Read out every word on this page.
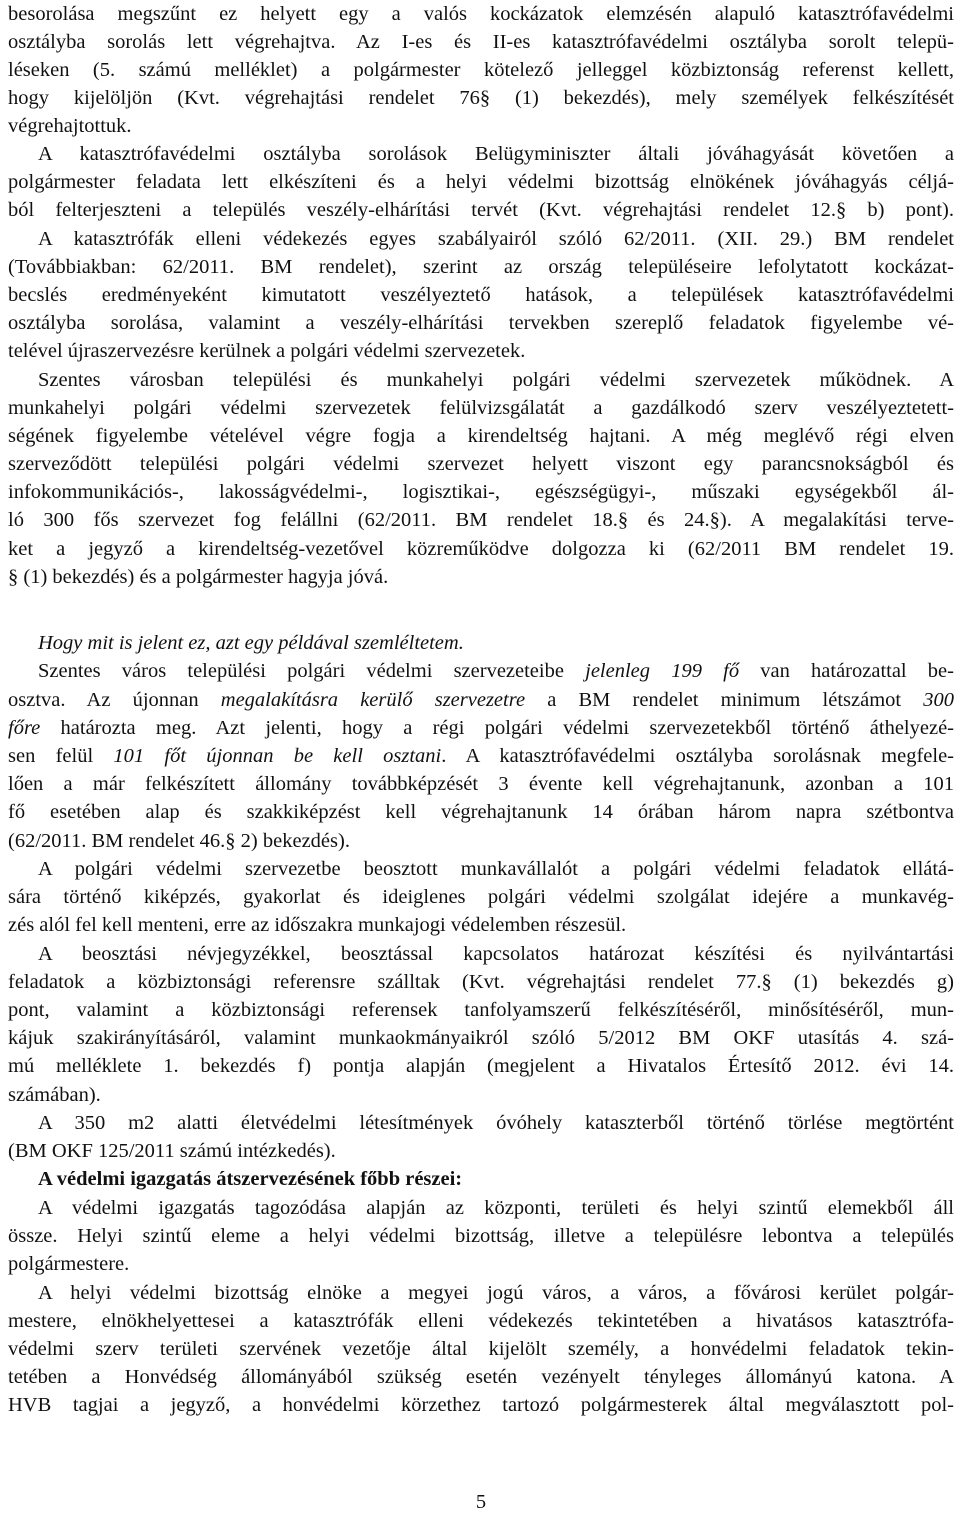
besorolása megszűnt ez helyett egy a valós kockázatok elemzésén alapuló katasztrófavédelmi
osztályba sorolás lett végrehajtva. Az I-es és II-es katasztrófavédelmi osztályba sorolt telepü-
léseken (5. számú melléklet) a polgármester kötelező jelleggel közbiztonság referenst kellett,
hogy kijelöljön (Kvt. végrehajtási rendelet 76§ (1) bekezdés), mely személyek felkészítését
végrehajtottuk.
A katasztrófavédelmi osztályba sorolások Belügyminiszter általi jóváhagyását követően a
polgármester feladata lett elkészíteni és a helyi védelmi bizottság elnökének jóváhagyás céljá-
ból felterjeszteni a település veszély-elhárítási tervét (Kvt. végrehajtási rendelet 12.§ b) pont).
A katasztrófák elleni védekezés egyes szabályairól szóló 62/2011. (XII. 29.) BM rendelet
(Továbbiakban: 62/2011. BM rendelet), szerint az ország településeire lefolytatott kockázat-
becslés eredményeként kimutatott veszélyeztető hatások, a települések katasztrófavédelmi
osztályba sorolása, valamint a veszély-elhárítási tervekben szereplő feladatok figyelembe vé-
telével újraszervezésre kerülnek a polgári védelmi szervezetek.
Szentes városban települési és munkahelyi polgári védelmi szervezetek működnek. A
munkahelyi polgári védelmi szervezetek felülvizsgálatát a gazdálkodó szerv veszélyeztetett-
ségének figyelembe vételével végre fogja a kirendeltség hajtani. A még meglévő régi elven
szerveződött települési polgári védelmi szervezet helyett viszont egy parancsnokságból és
infokommunikációs-, lakosságvédelmi-, logisztikai-, egészségügyi-, műszaki egységekből ál-
ló 300 fős szervezet fog felállni (62/2011. BM rendelet 18.§ és 24.§). A megalakítási terve-
ket a jegyző a kirendeltség-vezetővel közreműködve dolgozza ki (62/2011 BM rendelet 19.
§ (1) bekezdés) és a polgármester hagyja jóvá.
Hogy mit is jelent ez, azt egy példával szemléltetem.
Szentes város települési polgári védelmi szervezeteibe jelenleg 199 fő van határozattal be-
osztva. Az újonnan megalakításra kerülő szervezetre a BM rendelet minimum létszámot 300
főre határozta meg. Azt jelenti, hogy a régi polgári védelmi szervezetekből történő áthelyezé-
sen felül 101 főt újonnan be kell osztani. A katasztrófavédelmi osztályba sorolásnak megfele-
lően a már felkészített állomány továbbképzését 3 évente kell végrehajtanunk, azonban a 101
fő esetében alap és szakkiképzést kell végrehajtanunk 14 órában három napra szétbontva
(62/2011. BM rendelet 46.§ 2) bekezdés).
A polgári védelmi szervezetbe beosztott munkavállalót a polgári védelmi feladatok ellátá-
sára történő kiképzés, gyakorlat és ideiglenes polgári védelmi szolgálat idejére a munkavég-
zés alól fel kell menteni, erre az időszakra munkajogi védelemben részesül.
A beosztási névjegyzékkel, beosztással kapcsolatos határozat készítési és nyilvántartási
feladatok a közbiztonsági referensre szálltak (Kvt. végrehajtási rendelet 77.§ (1) bekezdés g)
pont, valamint a közbiztonsági referensek tanfolyamszerű felkészítéséről, minősítéséről, mun-
kájuk szakirányításáról, valamint munkaokmányaikról szóló 5/2012 BM OKF utasítás 4. szá-
mú melléklete 1. bekezdés f) pontja alapján (megjelent a Hivatalos Értesítő 2012. évi 14.
számában).
A 350 m2 alatti életvédelmi létesítmények óvóhely kataszterből történő törlése megtörtént
(BM OKF 125/2011 számú intézkedés).
A védelmi igazgatás átszervezésének főbb részei:
A védelmi igazgatás tagozódása alapján az központi, területi és helyi szintű elemekből áll
össze. Helyi szintű eleme a helyi védelmi bizottság, illetve a településre lebontva a település
polgármestere.
A helyi védelmi bizottság elnöke a megyei jogú város, a város, a fővárosi kerület polgár-
mestere, elnökhelyettesei a katasztrófák elleni védekezés tekintetében a hivatásos katasztrófa-
védelmi szerv területi szervének vezetője által kijelölt személy, a honvédelmi feladatok tekin-
tetében a Honvédség állományából szükség esetén vezényelt tényleges állományú katona. A
HVB tagjai a jegyző, a honvédelmi körzethez tartozó polgármesterek által megválasztott pol-
5
